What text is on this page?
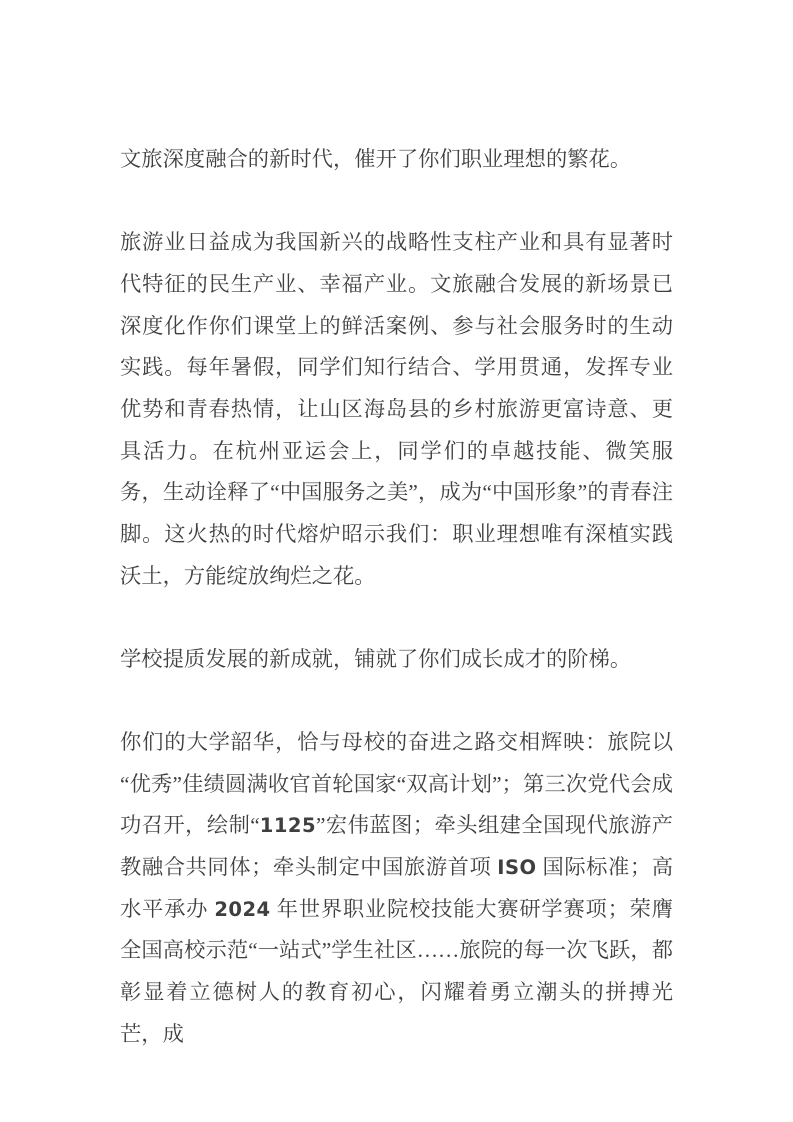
文旅深度融合的新时代，催开了你们职业理想的繁花。

旅游业日益成为我国新兴的战略性支柱产业和具有显著时代特征的民生产业、幸福产业。文旅融合发展的新场景已深度化作你们课堂上的鲜活案例、参与社会服务时的生动实践。每年暑假，同学们知行结合、学用贯通，发挥专业优势和青春热情，让山区海岛县的乡村旅游更富诗意、更具活力。在杭州亚运会上，同学们的卓越技能、微笑服务，生动诠释了“中国服务之美”，成为“中国形象”的青春注脚。这火热的时代熔炉昭示我们：职业理想唯有深植实践沃土，方能绽放绚烂之花。

学校提质发展的新成就，铺就了你们成长成才的阶梯。

你们的大学韶华，恰与母校的奋进之路交相辉映：旅院以“优秀”佳绩圆满收官首轮国家“双高计划”；第三次党代会成功召开，绘制“1125”宏伟蓝图；牵头组建全国现代旅游产教融合共同体；牵头制定中国旅游首项 ISO 国际标准；高水平承办 2024 年世界职业院校技能大赛研学赛项；荣膺全国高校示范“一站式”学生社区……旅院的每一次飞跃，都彰显着立德树人的教育初心，闪耀着勇立潮头的拼搏光芒，成
